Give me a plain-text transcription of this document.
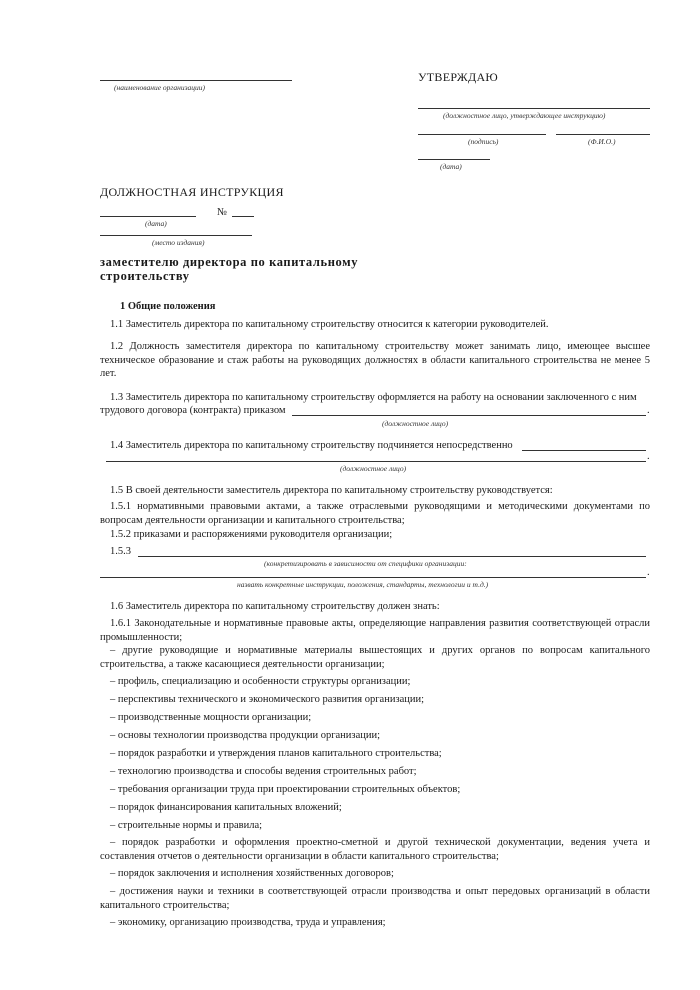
(наименование организации)
УТВЕРЖДАЮ
(должностное лицо, утверждающее инструкцию)
(подпись)	(Ф.И.О.)
(дата)
ДОЛЖНОСТНАЯ ИНСТРУКЦИЯ
№
(дата)
(место издания)
заместителю директора по капитальному
строительству
1 Общие положения
1.1 Заместитель директора по капитальному строительству относится к категории руководителей.
1.2 Должность заместителя директора по капитальному строительству может занимать лицо, имеющее высшее техническое образование и стаж работы на руководящих должностях в области капитального строительства не менее 5 лет.
1.3 Заместитель директора по капитальному строительству оформляется на работу на основании заключенного с ним
трудового договора (контракта) приказом	.
(должностное лицо)
1.4 Заместитель директора по капитальному строительству подчиняется непосредственно
.
(должностное лицо)
1.5 В своей деятельности заместитель директора по капитальному строительству руководствуется:
1.5.1 нормативными правовыми актами, а также отраслевыми руководящими и методическими документами по вопросам деятельности организации и капитального строительства;
1.5.2 приказами и распоряжениями руководителя организации;
1.5.3
(конкретизировать в зависимости от специфики организации:
.
назвать конкретные инструкции, положения, стандарты, технологии и т.д.)
1.6 Заместитель директора по капитальному строительству должен знать:
1.6.1 Законодательные и нормативные правовые акты, определяющие направления развития соответствующей отрасли промышленности;
– другие руководящие и нормативные материалы вышестоящих и других органов по вопросам капитального строительства, а также касающиеся деятельности организации;
– профиль, специализацию и особенности структуры организации;
– перспективы технического и экономического развития организации;
– производственные мощности организации;
– основы технологии производства продукции организации;
– порядок разработки и утверждения планов капитального строительства;
– технологию производства и способы ведения строительных работ;
– требования организации труда при проектировании строительных объектов;
– порядок финансирования капитальных вложений;
– строительные нормы и правила;
– порядок разработки и оформления проектно-сметной и другой технической документации, ведения учета и составления отчетов о деятельности организации в области капитального строительства;
– порядок заключения и исполнения хозяйственных договоров;
– достижения науки и техники в соответствующей отрасли производства и опыт передовых организаций в области капитального строительства;
– экономику, организацию производства, труда и управления;
